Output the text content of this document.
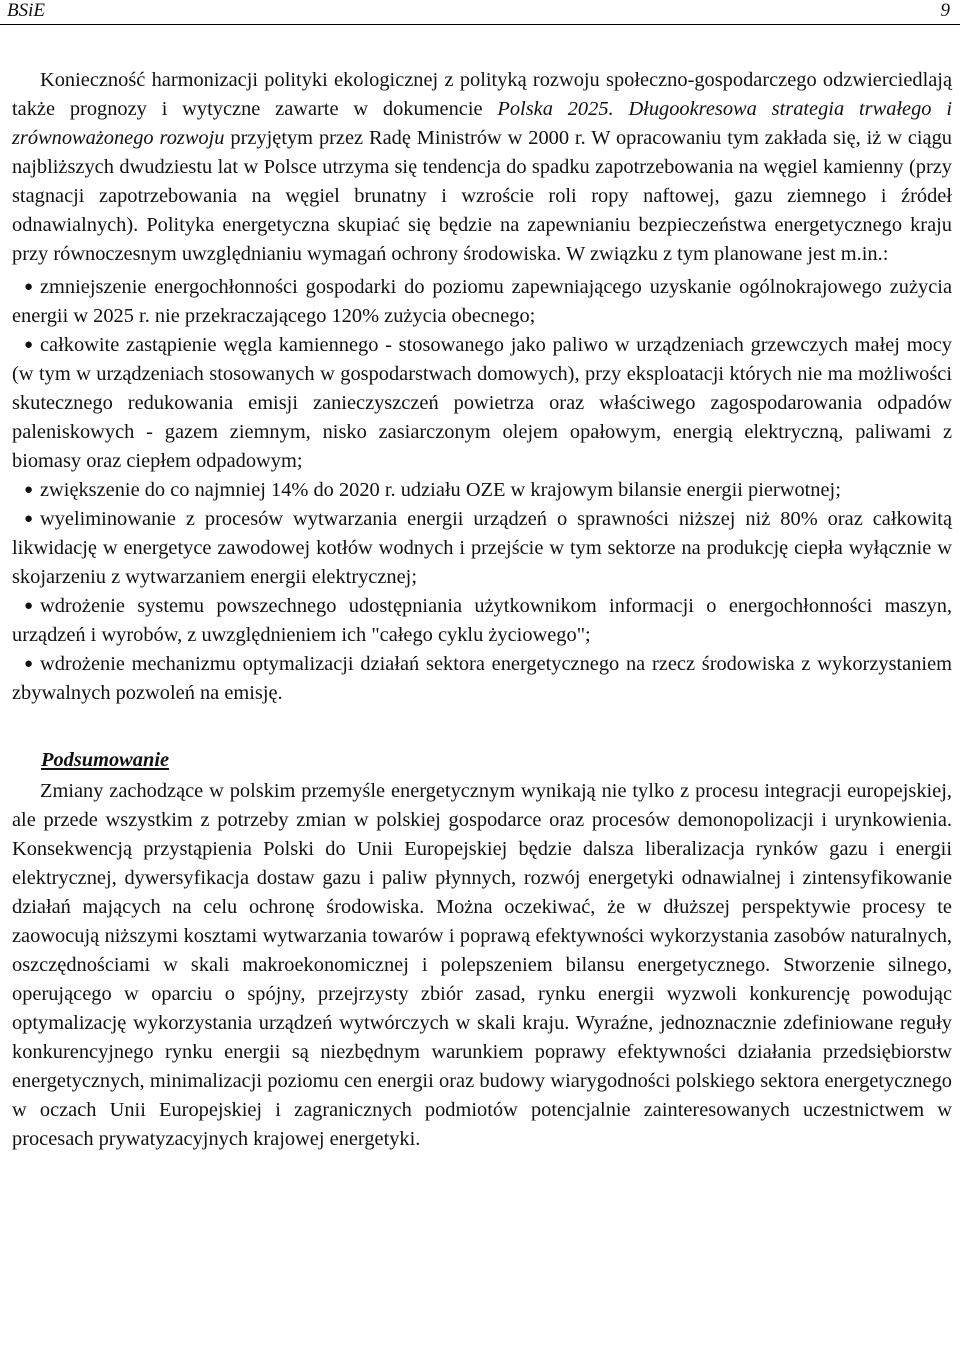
BSiE	9

Konieczność harmonizacji polityki ekologicznej z polityką rozwoju społeczno-gospodarczego odzwierciedlają także prognozy i wytyczne zawarte w dokumencie Polska 2025. Długookresowa strategia trwałego i zrównoważonego rozwoju przyjętym przez Radę Ministrów w 2000 r. W opracowaniu tym zakłada się, iż w ciągu najbliższych dwudziestu lat w Polsce utrzyma się tendencja do spadku zapotrzebowania na węgiel kamienny (przy stagnacji zapotrzebowania na węgiel brunatny i wzroście roli ropy naftowej, gazu ziemnego i źródeł odnawialnych). Polityka energetyczna skupiać się będzie na zapewnianiu bezpieczeństwa energetycznego kraju przy równoczesnym uwzględnianiu wymagań ochrony środowiska. W związku z tym planowane jest m.in.:

● zmniejszenie energochłonności gospodarki do poziomu zapewniającego uzyskanie ogólnokrajowego zużycia energii w 2025 r. nie przekraczającego 120% zużycia obecnego;

● całkowite zastąpienie węgla kamiennego - stosowanego jako paliwo w urządzeniach grzewczych małej mocy (w tym w urządzeniach stosowanych w gospodarstwach domowych), przy eksploatacji których nie ma możliwości skutecznego redukowania emisji zanieczyszczeń powietrza oraz właściwego zagospodarowania odpadów paleniskowych - gazem ziemnym, nisko zasiarczonym olejem opałowym, energią elektryczną, paliwami z biomasy oraz ciepłem odpadowym;

● zwiększenie do co najmniej 14% do 2020 r. udziału OZE w krajowym bilansie energii pierwotnej;

● wyeliminowanie z procesów wytwarzania energii urządzeń o sprawności niższej niż 80% oraz całkowitą likwidację w energetyce zawodowej kotłów wodnych i przejście w tym sektorze na produkcję ciepła wyłącznie w skojarzeniu z wytwarzaniem energii elektrycznej;

● wdrożenie systemu powszechnego udostępniania użytkownikom informacji o energochłonności maszyn, urządzeń i wyrobów, z uwzględnieniem ich "całego cyklu życiowego";

● wdrożenie mechanizmu optymalizacji działań sektora energetycznego na rzecz środowiska z wykorzystaniem zbywalnych pozwoleń na emisję.

Podsumowanie

Zmiany zachodzące w polskim przemyśle energetycznym wynikają nie tylko z procesu integracji europejskiej, ale przede wszystkim z potrzeby zmian w polskiej gospodarce oraz procesów demonopolizacji i urynkowienia. Konsekwencją przystąpienia Polski do Unii Europejskiej będzie dalsza liberalizacja rynków gazu i energii elektrycznej, dywersyfikacja dostaw gazu i paliw płynnych, rozwój energetyki odnawialnej i zintensyfikowanie działań mających na celu ochronę środowiska. Można oczekiwać, że w dłuższej perspektywie procesy te zaowocują niższymi kosztami wytwarzania towarów i poprawą efektywności wykorzystania zasobów naturalnych, oszczędnościami w skali makroekonomicznej i polepszeniem bilansu energetycznego. Stworzenie silnego, operującego w oparciu o spójny, przejrzysty zbiór zasad, rynku energii wyzwoli konkurencję powodując optymalizację wykorzystania urządzeń wytwórczych w skali kraju. Wyraźne, jednoznacznie zdefiniowane reguły konkurencyjnego rynku energii są niezbędnym warunkiem poprawy efektywności działania przedsiębiorstw energetycznych, minimalizacji poziomu cen energii oraz budowy wiarygodności polskiego sektora energetycznego w oczach Unii Europejskiej i zagranicznych podmiotów potencjalnie zainteresowanych uczestnictwem w procesach prywatyzacyjnych krajowej energetyki.
